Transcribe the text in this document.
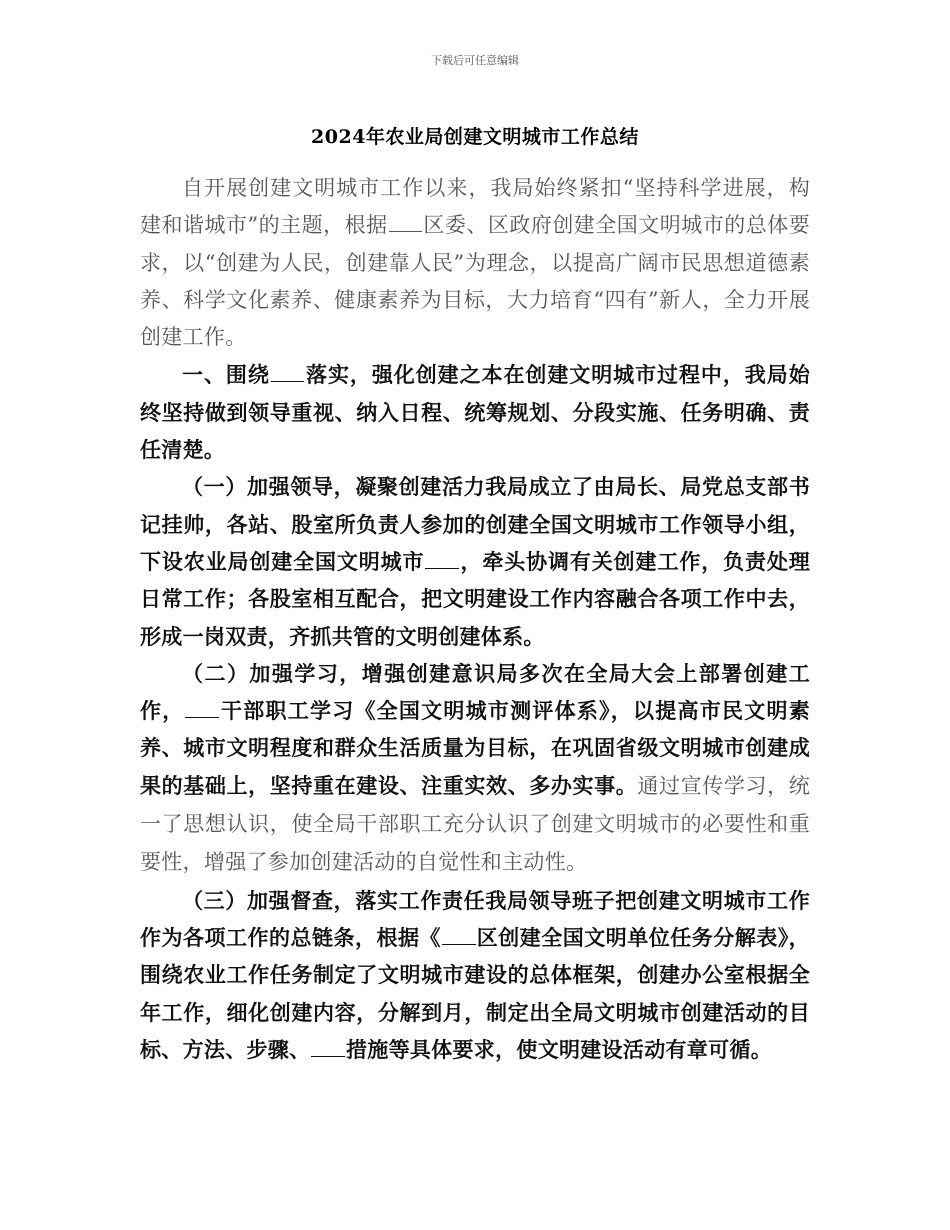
下载后可任意编辑
2024年农业局创建文明城市工作总结

自开展创建文明城市工作以来，我局始终紧扣“坚持科学进展，构建和谐城市”的主题，根据 区委、区政府创建全国文明城市的总体要求，以“创建为人民，创建靠人民”为理念，以提高广阔市民思想道德素养、科学文化素养、健康素养为目标，大力培育“四有”新人，全力开展创建工作。

一、围绕 落实，强化创建之本在创建文明城市过程中，我局始终坚持做到领导重视、纳入日程、统筹规划、分段实施、任务明确、责任清楚。

（一）加强领导，凝聚创建活力我局成立了由局长、局党总支部书记挂帅，各站、股室所负责人参加的创建全国文明城市工作领导小组，下设农业局创建全国文明城市 ，牵头协调有关创建工作，负责处理日常工作；各股室相互配合，把文明建设工作内容融合各项工作中去，形成一岗双责，齐抓共管的文明创建体系。

（二）加强学习，增强创建意识局多次在全局大会上部署创建工作， 干部职工学习《全国文明城市测评体系》，以提高市民文明素养、城市文明程度和群众生活质量为目标，在巩固省级文明城市创建成果的基础上，坚持重在建设、注重实效、多办实事。通过宣传学习，统一了思想认识，使全局干部职工充分认识了创建文明城市的必要性和重要性，增强了参加创建活动的自觉性和主动性。

（三）加强督查，落实工作责任我局领导班子把创建文明城市工作作为各项工作的总链条，根据《 区创建全国文明单位任务分解表》，围绕农业工作任务制定了文明城市建设的总体框架，创建办公室根据全年工作，细化创建内容，分解到月，制定出全局文明城市创建活动的目标、方法、步骤、 措施等具体要求，使文明建设活动有章可循。
